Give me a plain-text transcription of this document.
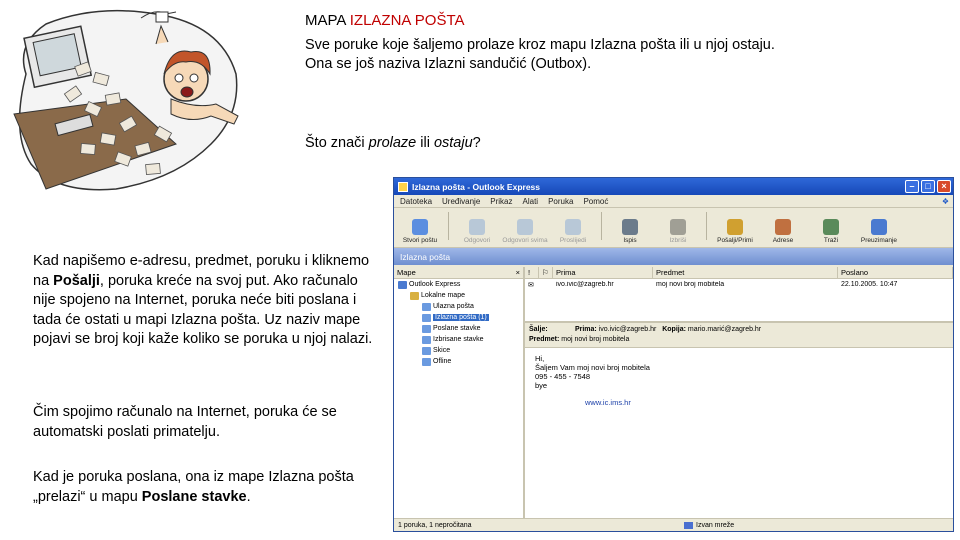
MAPA IZLAZNA POŠTA
Sve poruke koje šaljemo prolaze kroz mapu Izlazna pošta ili u njoj ostaju.
Ona se još naziva Izlazni sandučić (Outbox).
Što znači prolaze ili ostaju?
Kad napišemo e-adresu, predmet, poruku i kliknemo na Pošalji, poruka kreće na svoj put. Ako računalo nije spojeno na Internet, poruka neće biti poslana i tada će ostati u mapi Izlazna pošta. Uz naziv mape pojavi se broj koji kaže koliko se poruka u njoj nalazi.
Čim spojimo računalo na Internet, poruka će se automatski poslati primatelju.
Kad je poruka poslana, ona iz mape Izlazna pošta „prelazi“ u mapu Poslane stavke.
Izlazna pošta - Outlook Express	–	□	×
Datoteka Uređivanje Prikaz Alati Poruka Pomoć	❖
Stvori poštu	Odgovori Odgovori svima Proslijedi	Ispis	Izbriši	Pošalji/Primi	Adrese	Traži	Preuzimanje
Izlazna pošta
Mape	×
Outlook Express
Lokalne mape
Ulazna pošta
Izlazna pošta (1)
Poslane stavke
Izbrisane stavke
Skice
Ofline
!	⚐ Prima	Predmet	Poslano
✉	ivo.ivic@zagreb.hr	moj novi broj mobitela	22.10.2005. 10:47
Šalje:	Prima: ivo.ivic@zagreb.hr Kopija: mario.marić@zagreb.hr
Predmet: moj novi broj mobitela
Hi,
Šaljem Vam moj novi broj mobitela
095 - 455 - 7548
bye
www.ic.ims.hr
1 poruka, 1 nepročitana	Izvan mreže
